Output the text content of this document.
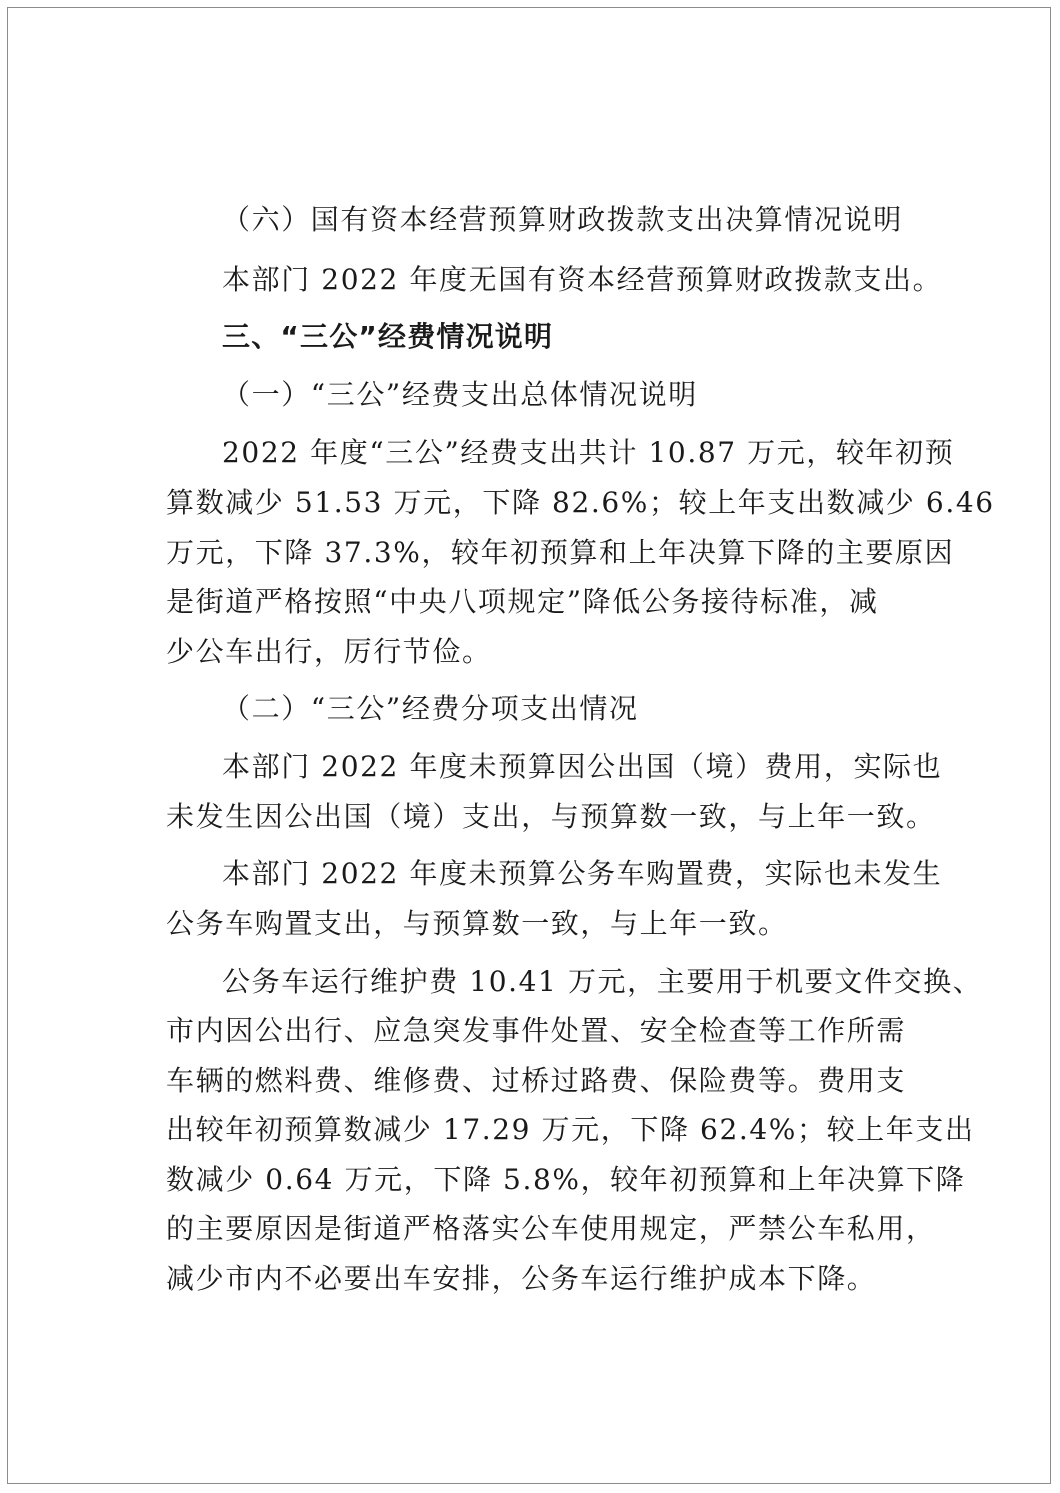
（六）国有资本经营预算财政拨款支出决算情况说明
本部门 2022 年度无国有资本经营预算财政拨款支出。
三、“三公”经费情况说明
（一）“三公”经费支出总体情况说明
2022 年度“三公”经费支出共计 10.87 万元，较年初预
算数减少 51.53 万元，下降 82.6%；较上年支出数减少 6.46
万元，下降 37.3%，较年初预算和上年决算下降的主要原因
是街道严格按照“中央八项规定”降低公务接待标准，减
少公车出行，厉行节俭。
（二）“三公”经费分项支出情况
本部门 2022 年度未预算因公出国（境）费用，实际也
未发生因公出国（境）支出，与预算数一致，与上年一致。
本部门 2022 年度未预算公务车购置费，实际也未发生
公务车购置支出，与预算数一致，与上年一致。
公务车运行维护费 10.41 万元，主要用于机要文件交换、
市内因公出行、应急突发事件处置、安全检查等工作所需
车辆的燃料费、维修费、过桥过路费、保险费等。费用支
出较年初预算数减少 17.29 万元，下降 62.4%；较上年支出
数减少 0.64 万元，下降 5.8%，较年初预算和上年决算下降
的主要原因是街道严格落实公车使用规定，严禁公车私用，
减少市内不必要出车安排，公务车运行维护成本下降。
